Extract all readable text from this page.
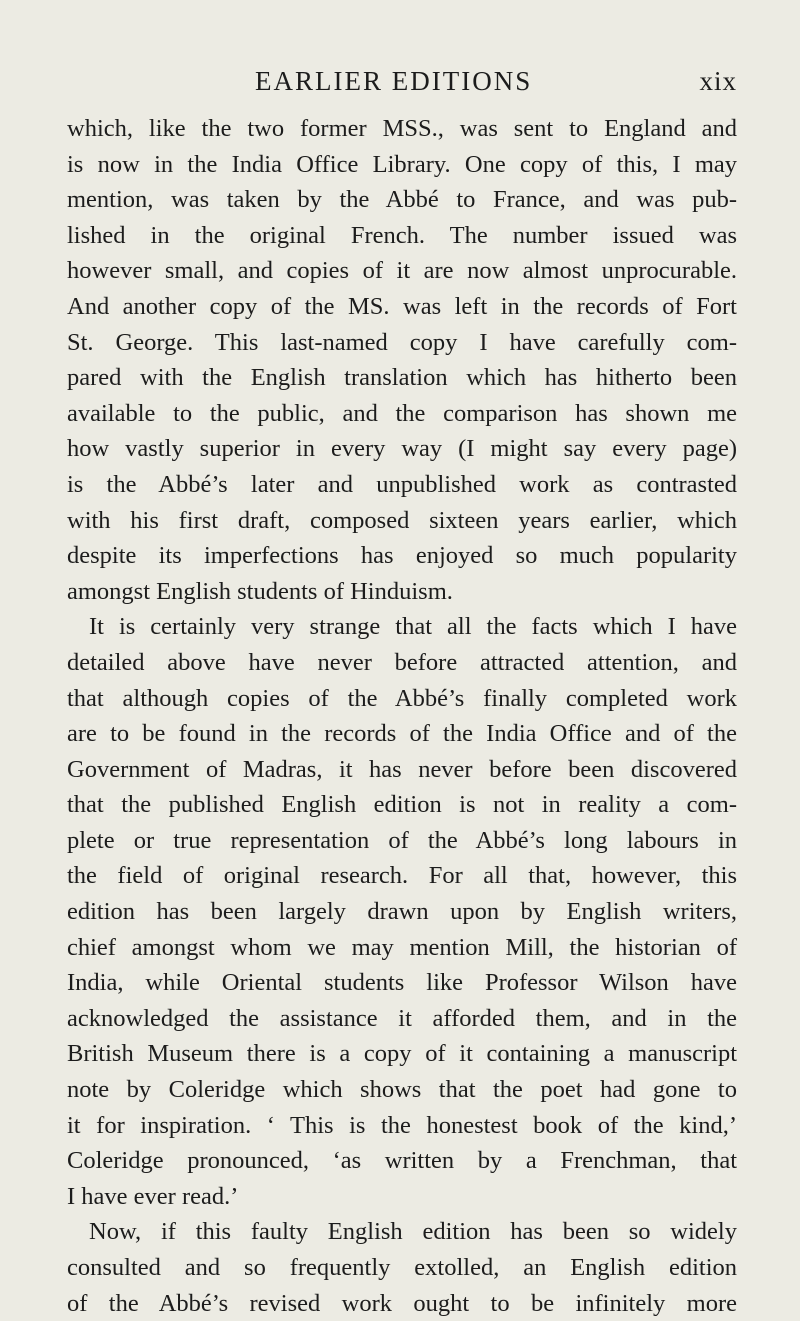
EARLIER EDITIONS	xix
which, like the two former MSS., was sent to England and
is now in the India Office Library. One copy of this, I may
mention, was taken by the Abbé to France, and was pub-
lished in the original French. The number issued was
however small, and copies of it are now almost unprocurable.
And another copy of the MS. was left in the records of Fort
St. George. This last-named copy I have carefully com-
pared with the English translation which has hitherto been
available to the public, and the comparison has shown me
how vastly superior in every way (I might say every page)
is the Abbé’s later and unpublished work as contrasted
with his first draft, composed sixteen years earlier, which
despite its imperfections has enjoyed so much popularity
amongst English students of Hinduism.
It is certainly very strange that all the facts which I have
detailed above have never before attracted attention, and
that although copies of the Abbé’s finally completed work
are to be found in the records of the India Office and of the
Government of Madras, it has never before been discovered
that the published English edition is not in reality a com-
plete or true representation of the Abbé’s long labours in
the field of original research. For all that, however, this
edition has been largely drawn upon by English writers,
chief amongst whom we may mention Mill, the historian of
India, while Oriental students like Professor Wilson have
acknowledged the assistance it afforded them, and in the
British Museum there is a copy of it containing a manuscript
note by Coleridge which shows that the poet had gone to
it for inspiration. ‘ This is the honestest book of the kind,’
Coleridge pronounced, ‘as written by a Frenchman, that
I have ever read.’
Now, if this faulty English edition has been so widely
consulted and so frequently extolled, an English edition
of the Abbé’s revised work ought to be infinitely more
